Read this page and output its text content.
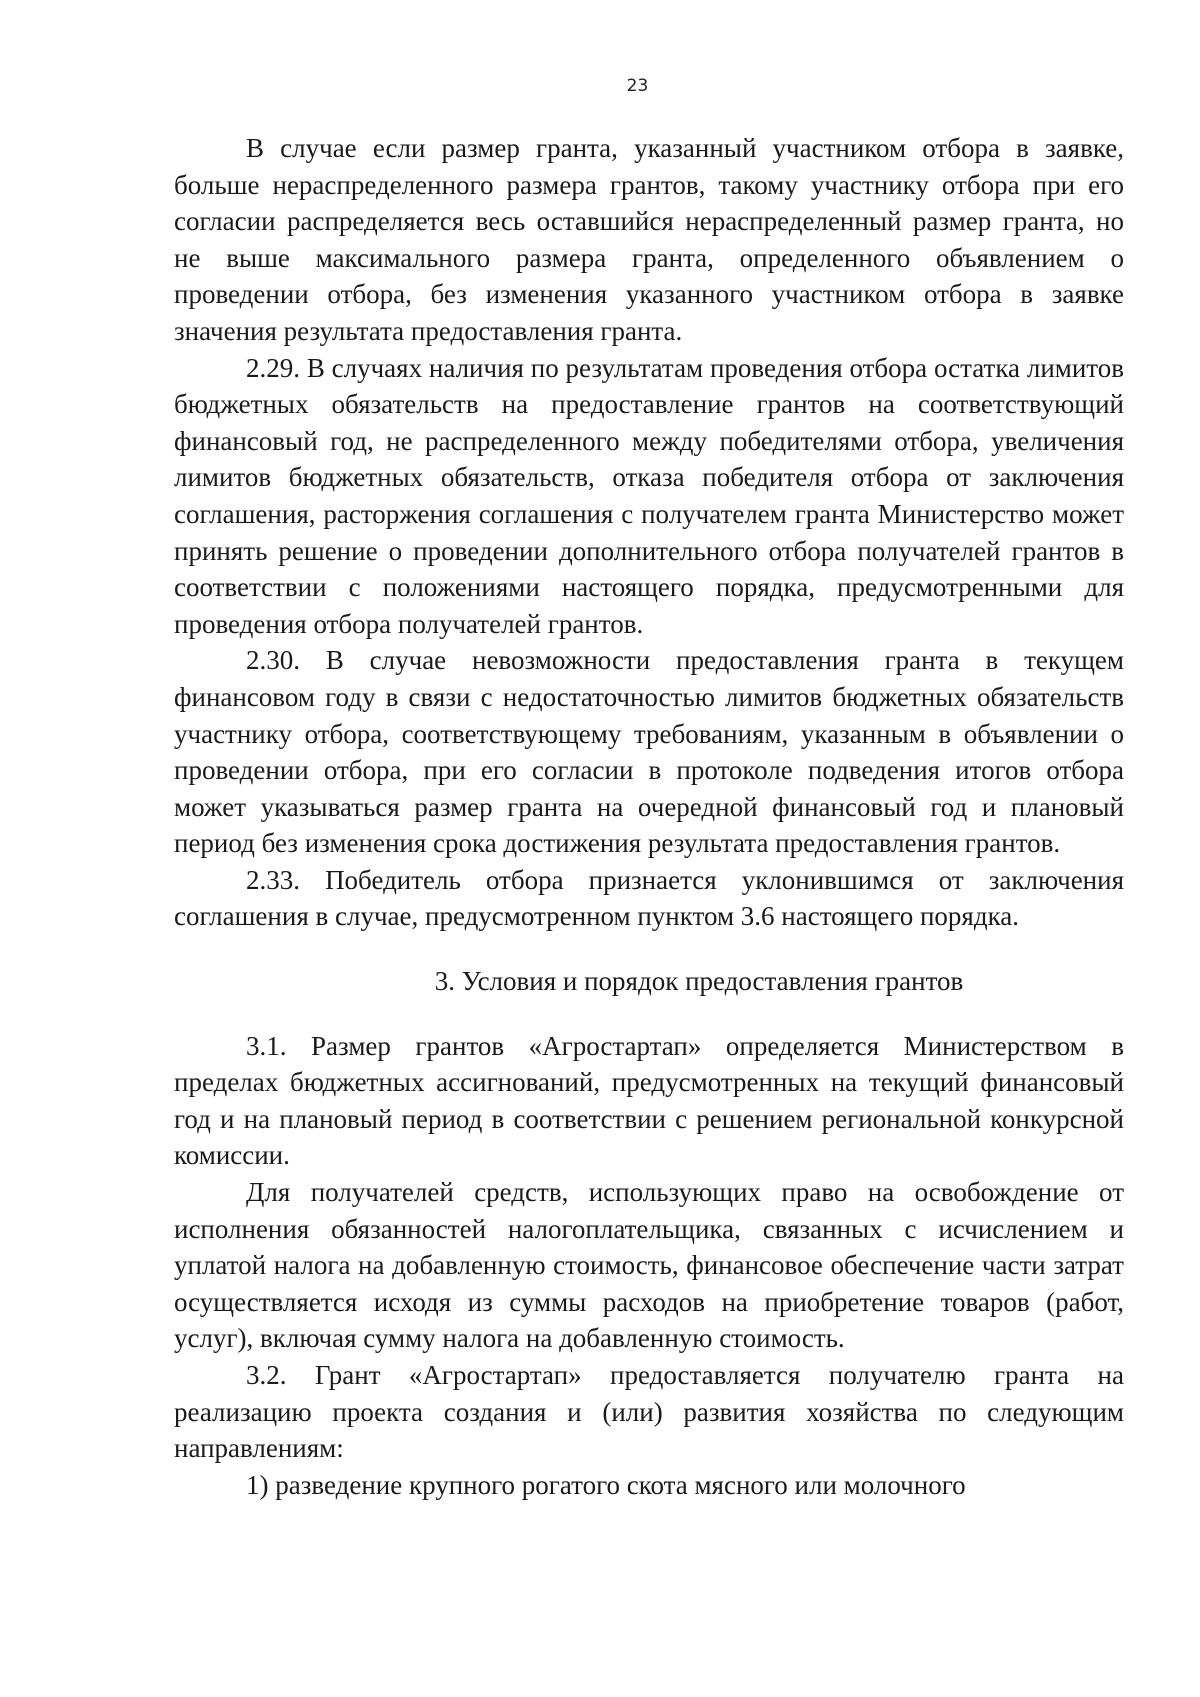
23

В случае если размер гранта, указанный участником отбора в заявке, больше нераспределенного размера грантов, такому участнику отбора при его согласии распределяется весь оставшийся нераспределенный размер гранта, но не выше максимального размера гранта, определенного объявлением о проведении отбора, без изменения указанного участником отбора в заявке значения результата предоставления гранта.

2.29. В случаях наличия по результатам проведения отбора остатка лимитов бюджетных обязательств на предоставление грантов на соответствующий финансовый год, не распределенного между победителями отбора, увеличения лимитов бюджетных обязательств, отказа победителя отбора от заключения соглашения, расторжения соглашения с получателем гранта Министерство может принять решение о проведении дополнительного отбора получателей грантов в соответствии с положениями настоящего порядка, предусмотренными для проведения отбора получателей грантов.

2.30. В случае невозможности предоставления гранта в текущем финансовом году в связи с недостаточностью лимитов бюджетных обязательств участнику отбора, соответствующему требованиям, указанным в объявлении о проведении отбора, при его согласии в протоколе подведения итогов отбора может указываться размер гранта на очередной финансовый год и плановый период без изменения срока достижения результата предоставления грантов.

2.33. Победитель отбора признается уклонившимся от заключения соглашения в случае, предусмотренном пунктом 3.6 настоящего порядка.

3. Условия и порядок предоставления грантов

3.1. Размер грантов «Агростартап» определяется Министерством в пределах бюджетных ассигнований, предусмотренных на текущий финансовый год и на плановый период в соответствии с решением региональной конкурсной комиссии.

Для получателей средств, использующих право на освобождение от исполнения обязанностей налогоплательщика, связанных с исчислением и уплатой налога на добавленную стоимость, финансовое обеспечение части затрат осуществляется исходя из суммы расходов на приобретение товаров (работ, услуг), включая сумму налога на добавленную стоимость.

3.2. Грант «Агростартап» предоставляется получателю гранта на реализацию проекта создания и (или) развития хозяйства по следующим направлениям:

1) разведение крупного рогатого скота мясного или молочного
